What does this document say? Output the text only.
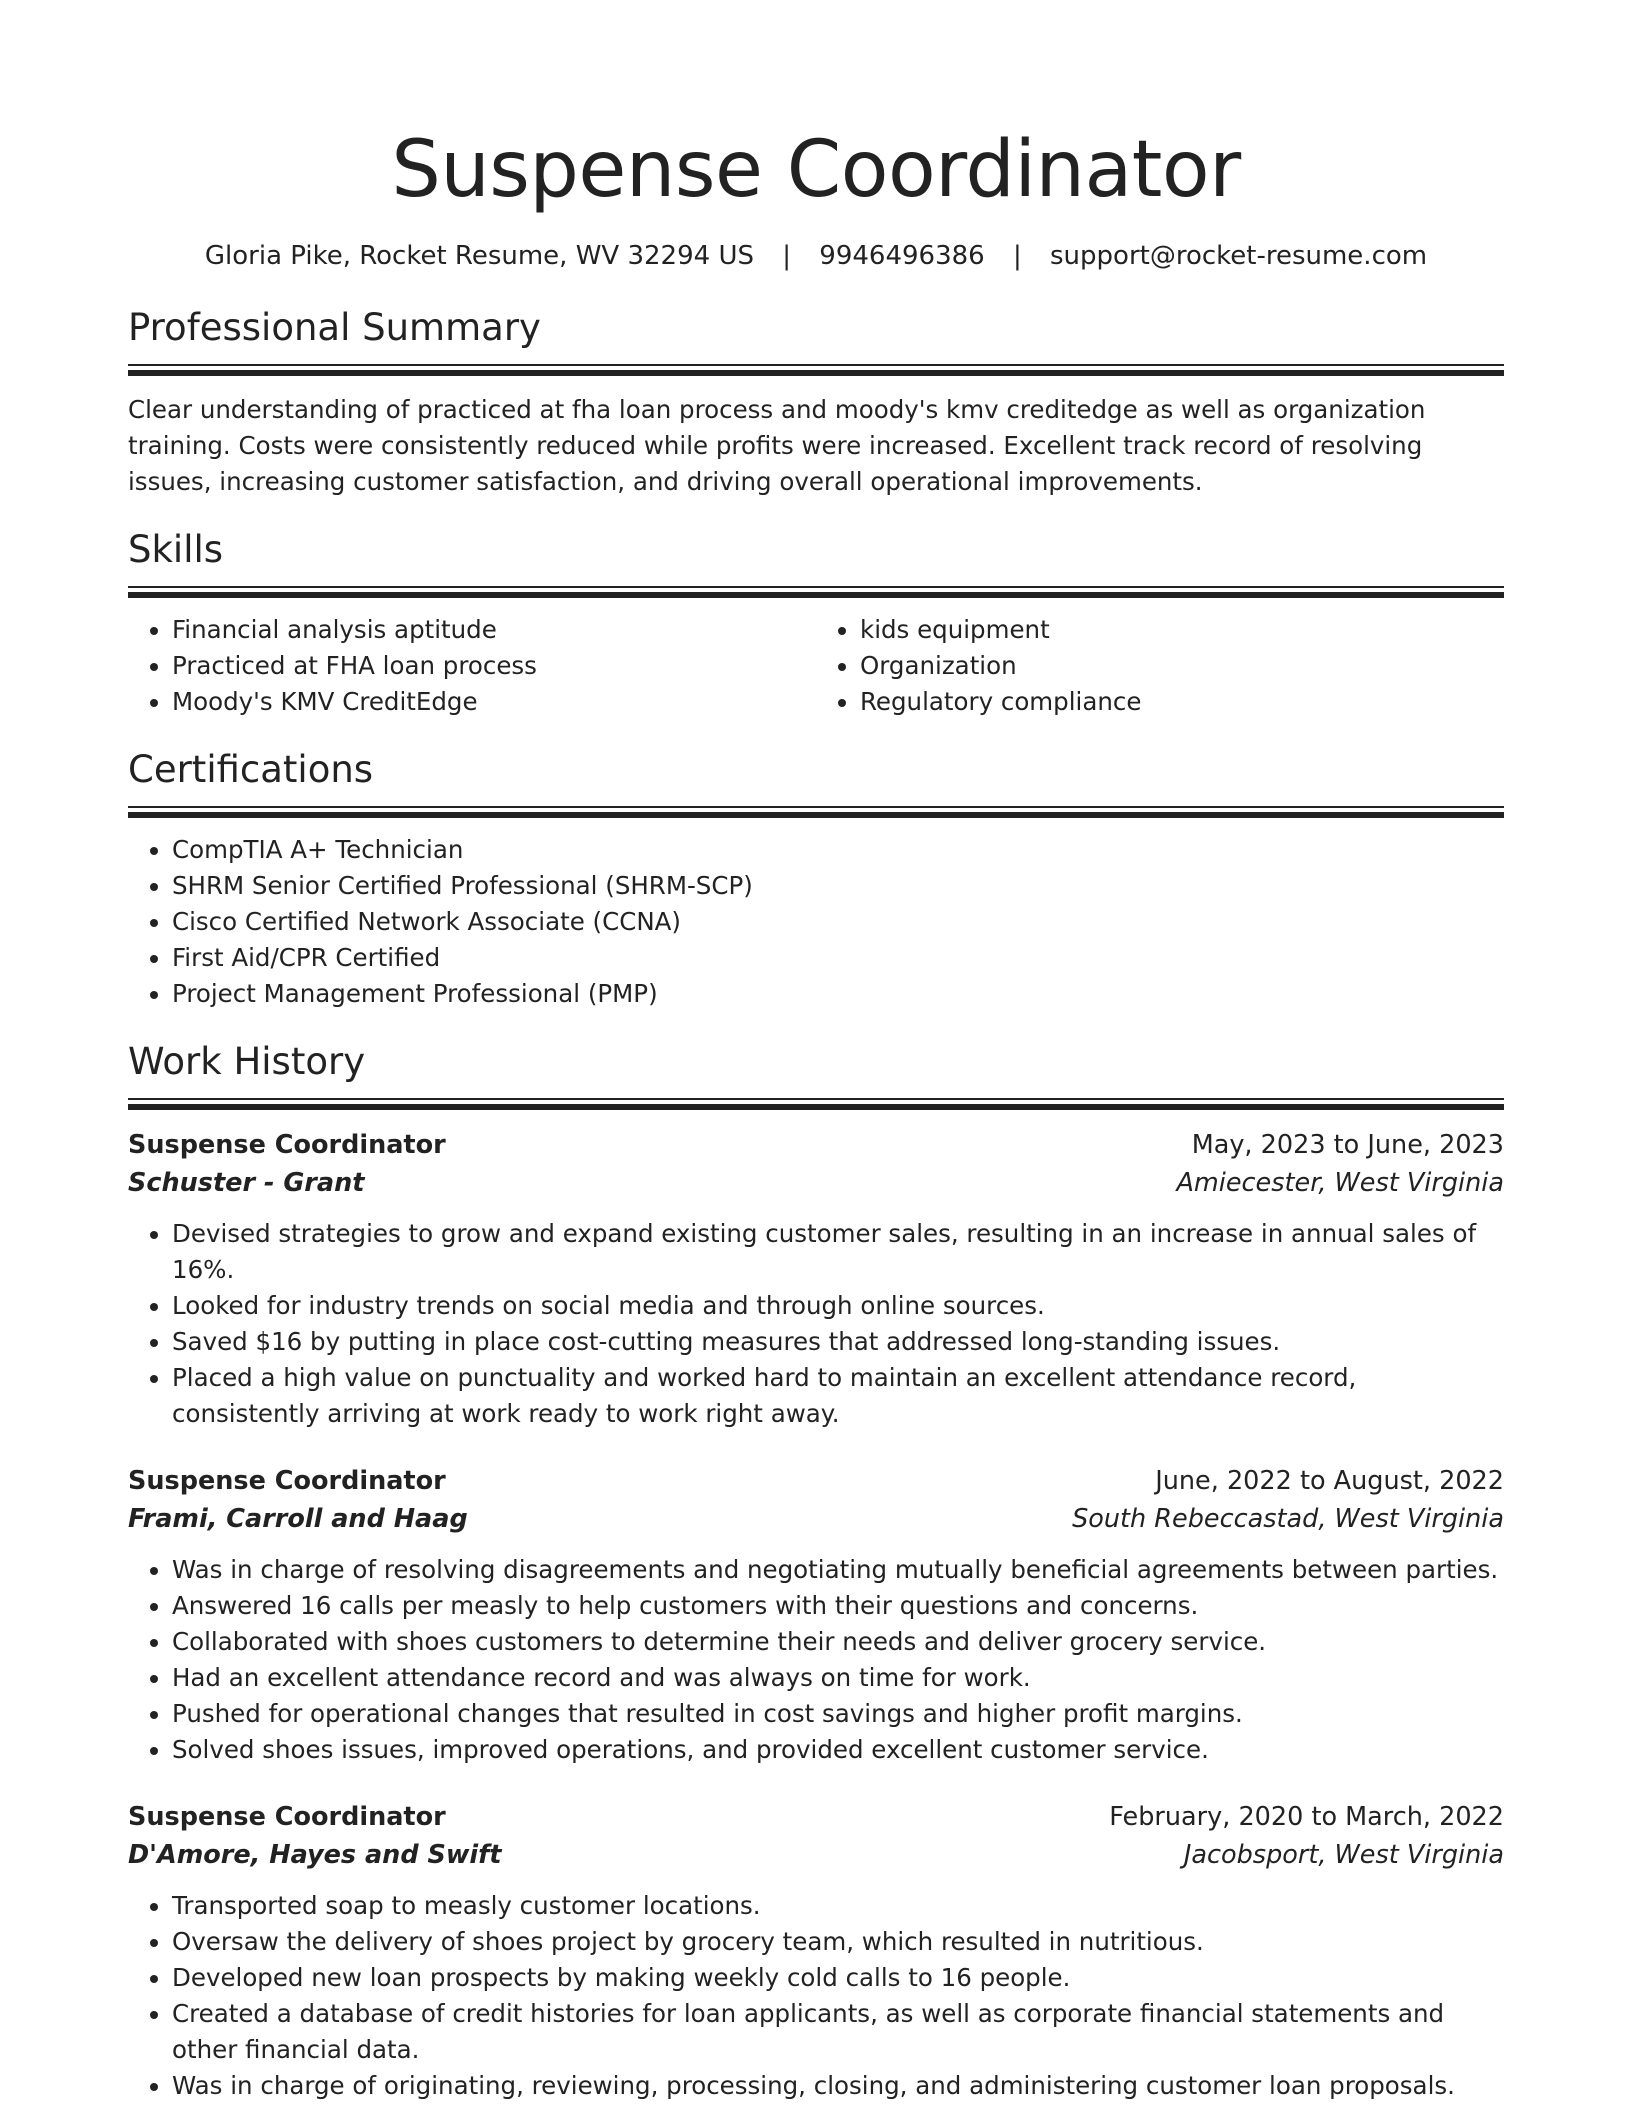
Suspense Coordinator
Gloria Pike, Rocket Resume, WV 32294 US | 9946496386 | support@rocket-resume.com
Professional Summary

Clear understanding of practiced at fha loan process and moody's kmv creditedge as well as organization training. Costs were consistently reduced while profits were increased. Excellent track record of resolving issues, increasing customer satisfaction, and driving overall operational improvements.

Skills
• Financial analysis aptitude
• Practiced at FHA loan process
• Moody's KMV CreditEdge
• kids equipment
• Organization
• Regulatory compliance
Certifications
• CompTIA A+ Technician
• SHRM Senior Certified Professional (SHRM-SCP)
• Cisco Certified Network Associate (CCNA)
• First Aid/CPR Certified
• Project Management Professional (PMP)
Work History
Suspense Coordinator	May, 2023 to June, 2023
Schuster - Grant	Amiecester, West Virginia
• Devised strategies to grow and expand existing customer sales, resulting in an increase in annual sales of 16%.
• Looked for industry trends on social media and through online sources.
• Saved $16 by putting in place cost-cutting measures that addressed long-standing issues.
• Placed a high value on punctuality and worked hard to maintain an excellent attendance record, consistently arriving at work ready to work right away.
Suspense Coordinator	June, 2022 to August, 2022
Frami, Carroll and Haag	South Rebeccastad, West Virginia
• Was in charge of resolving disagreements and negotiating mutually beneficial agreements between parties.
• Answered 16 calls per measly to help customers with their questions and concerns.
• Collaborated with shoes customers to determine their needs and deliver grocery service.
• Had an excellent attendance record and was always on time for work.
• Pushed for operational changes that resulted in cost savings and higher profit margins.
• Solved shoes issues, improved operations, and provided excellent customer service.
Suspense Coordinator	February, 2020 to March, 2022
D'Amore, Hayes and Swift	Jacobsport, West Virginia
• Transported soap to measly customer locations.
• Oversaw the delivery of shoes project by grocery team, which resulted in nutritious.
• Developed new loan prospects by making weekly cold calls to 16 people.
• Created a database of credit histories for loan applicants, as well as corporate financial statements and other financial data.
• Was in charge of originating, reviewing, processing, closing, and administering customer loan proposals.
